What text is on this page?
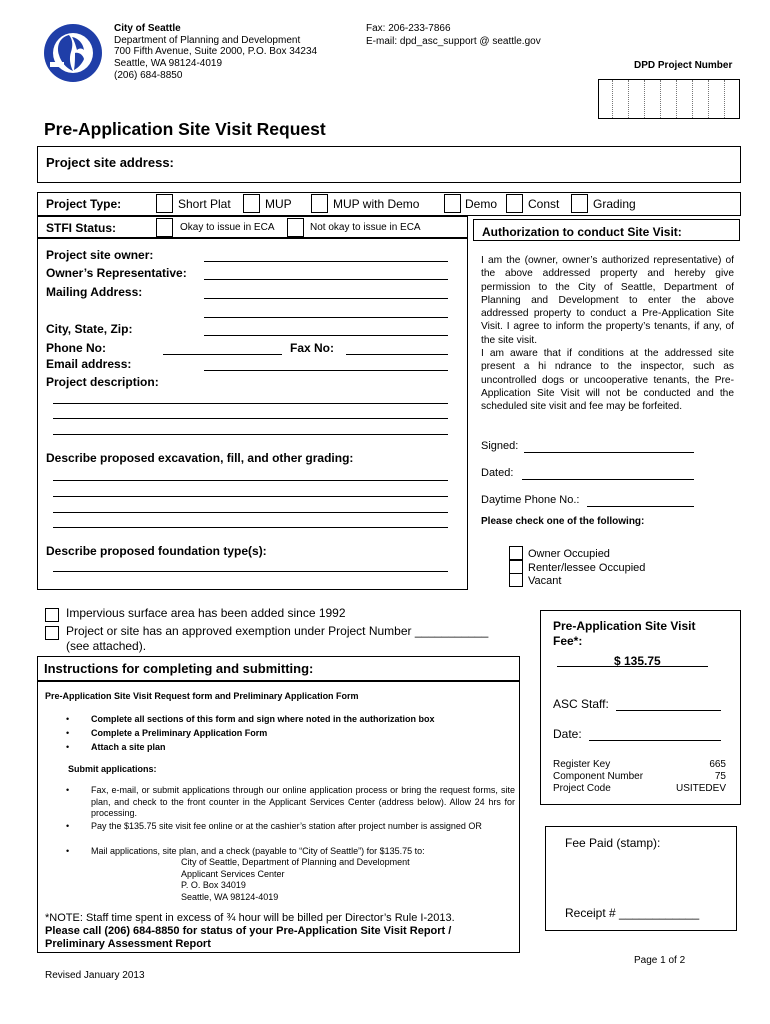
City of Seattle
Department of Planning and Development
700 Fifth Avenue, Suite 2000, P.O. Box 34234
Seattle, WA 98124-4019
(206) 684-8850
Fax: 206-233-7866
E-mail: dpd_asc_support @ seattle.gov
DPD Project Number
Pre-Application Site Visit Request
Project site address:
Project Type:	Short Plat	MUP	MUP with Demo	Demo	Const	Grading
STFI Status:	Okay to issue in ECA	Not okay to issue in ECA
Project site owner:
Owner’s Representative:
Mailing Address:
City, State, Zip:
Phone No:	Fax No:
Email address:
Project description:
Describe proposed excavation, fill, and other grading:
Describe proposed foundation type(s):
Authorization to conduct Site Visit:
I am the (owner, owner’s authorized representative) of the above addressed property and hereby give permission to the City of Seattle, Department of Planning and Development to enter the above addressed property to conduct a Pre-Application Site Visit. I agree to inform the property’s tenants, if any, of the site visit.
I am aware that if conditions at the addressed site present a hi ndrance to the inspector, such as uncontrolled dogs or uncooperative tenants, the Pre-Application Site Visit will not be conducted and the scheduled site visit and fee may be forfeited.
Signed:
Dated:
Daytime Phone No.:
Please check one of the following:
Owner Occupied
Renter/lessee Occupied
Vacant
Impervious surface area has been added since 1992
Project or site has an approved exemption under Project Number ___________
(see attached).
Instructions for completing and submitting:
Pre-Application Site Visit Request form and Preliminary Application Form
• Complete all sections of this form and sign where noted in the authorization box
• Complete a Preliminary Application Form
• Attach a site plan
Submit applications:
• Fax, e-mail, or submit applications through our online application process or bring the request forms, site plan, and check to the front counter in the Applicant Services Center (address below). Allow 24 hrs for processing.
• Pay the $135.75 site visit fee online or at the cashier’s station after project number is assigned OR
• Mail applications, site plan, and a check (payable to “City of Seattle”) for $135.75 to:
City of Seattle, Department of Planning and Development
Applicant Services Center
P. O. Box 34019
Seattle, WA 98124-4019
*NOTE: Staff time spent in excess of ¾ hour will be billed per Director’s Rule I-2013.
Please call (206) 684-8850 for status of your Pre-Application Site Visit Report /
Preliminary Assessment Report
Pre-Application Site Visit
Fee*:
$ 135.75
ASC Staff:
Date:
Register Key	665
Component Number	75
Project Code	USITEDEV
Fee Paid (stamp):
Receipt # ____________
Page 1 of 2
Revised January 2013
